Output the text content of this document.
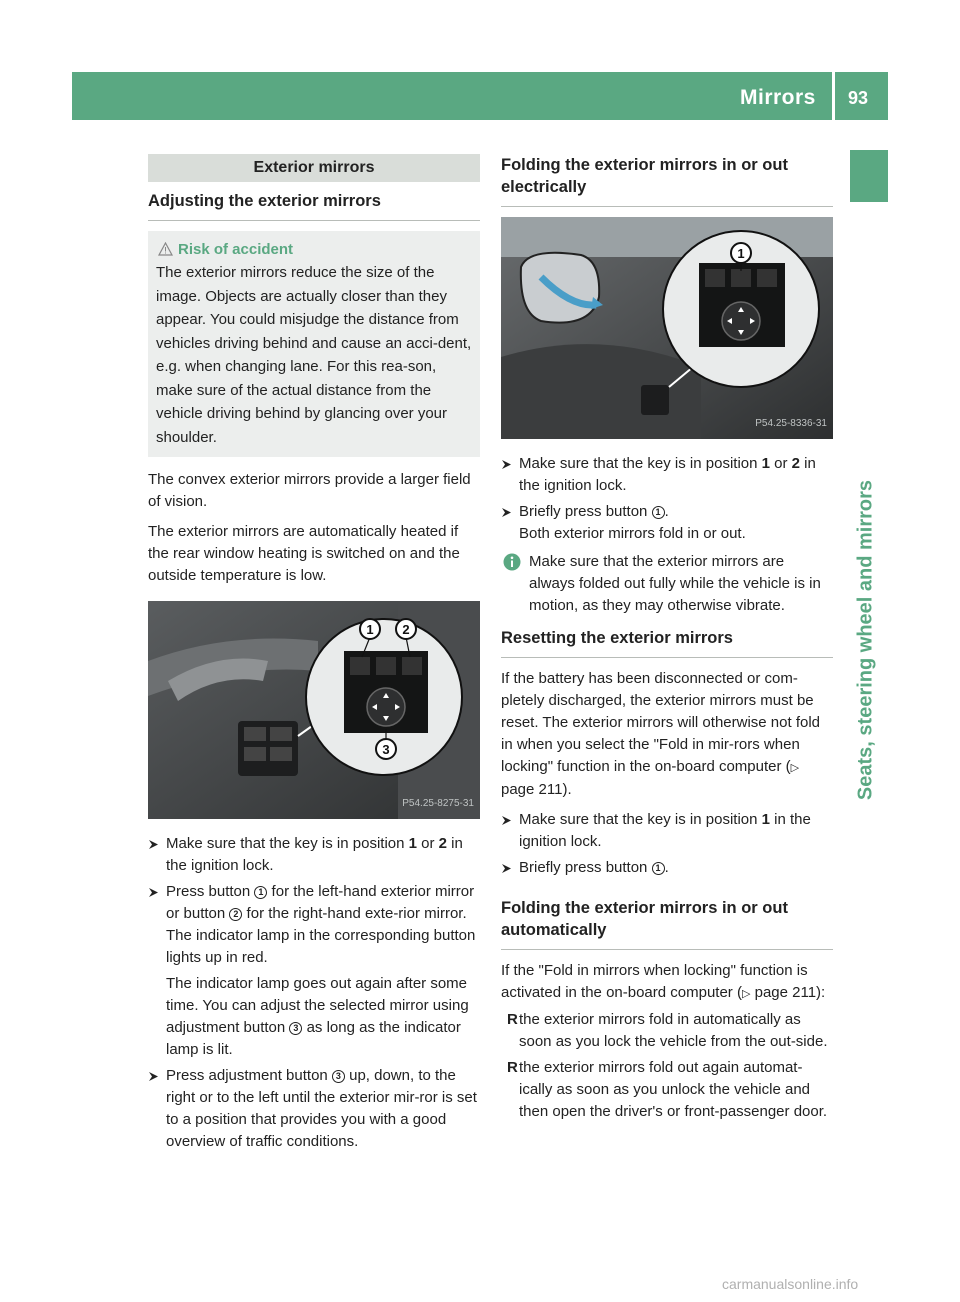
Mirrors 93
Seats, steering wheel and mirrors
Exterior mirrors
Adjusting the exterior mirrors
Risk of accident
The exterior mirrors reduce the size of the image. Objects are actually closer than they appear. You could misjudge the distance from vehicles driving behind and cause an acci-dent, e.g. when changing lane. For this rea-son, make sure of the actual distance from the vehicle driving behind by glancing over your shoulder.

The convex exterior mirrors provide a larger field of vision.

The exterior mirrors are automatically heated if the rear window heating is switched on and the outside temperature is low.

1 2
3
P54.25-8275-31
Make sure that the key is in position 1 or 2 in the ignition lock.
Press button 1 for the left-hand exterior mirror or button 2 for the right-hand exte-rior mirror.
The indicator lamp in the corresponding button lights up in red.
The indicator lamp goes out again after some time. You can adjust the selected mirror using adjustment button 3 as long as the indicator lamp is lit.
Press adjustment button 3 up, down, to the right or to the left until the exterior mir-ror is set to a position that provides you with a good overview of traffic conditions.
Folding the exterior mirrors in or out electrically
1
P54.25-8336-31
Make sure that the key is in position 1 or 2 in the ignition lock.
Briefly press button 1 .
Both exterior mirrors fold in or out.
Make sure that the exterior mirrors are always folded out fully while the vehicle is in motion, as they may otherwise vibrate.
Resetting the exterior mirrors

If the battery has been disconnected or com-pletely discharged, the exterior mirrors must be reset. The exterior mirrors will otherwise not fold in when you select the "Fold in mir-rors when locking" function in the on-board computer (▷ page 211).

Make sure that the key is in position 1 in the ignition lock.
Briefly press button 1 .
Folding the exterior mirrors in or out automatically

If the "Fold in mirrors when locking" function is activated in the on-board computer (▷ page 211):

R the exterior mirrors fold in automatically as soon as you lock the vehicle from the out-side.
R the exterior mirrors fold out again automat-ically as soon as you unlock the vehicle and then open the driver's or front-passenger door.
carmanualsonline.info
